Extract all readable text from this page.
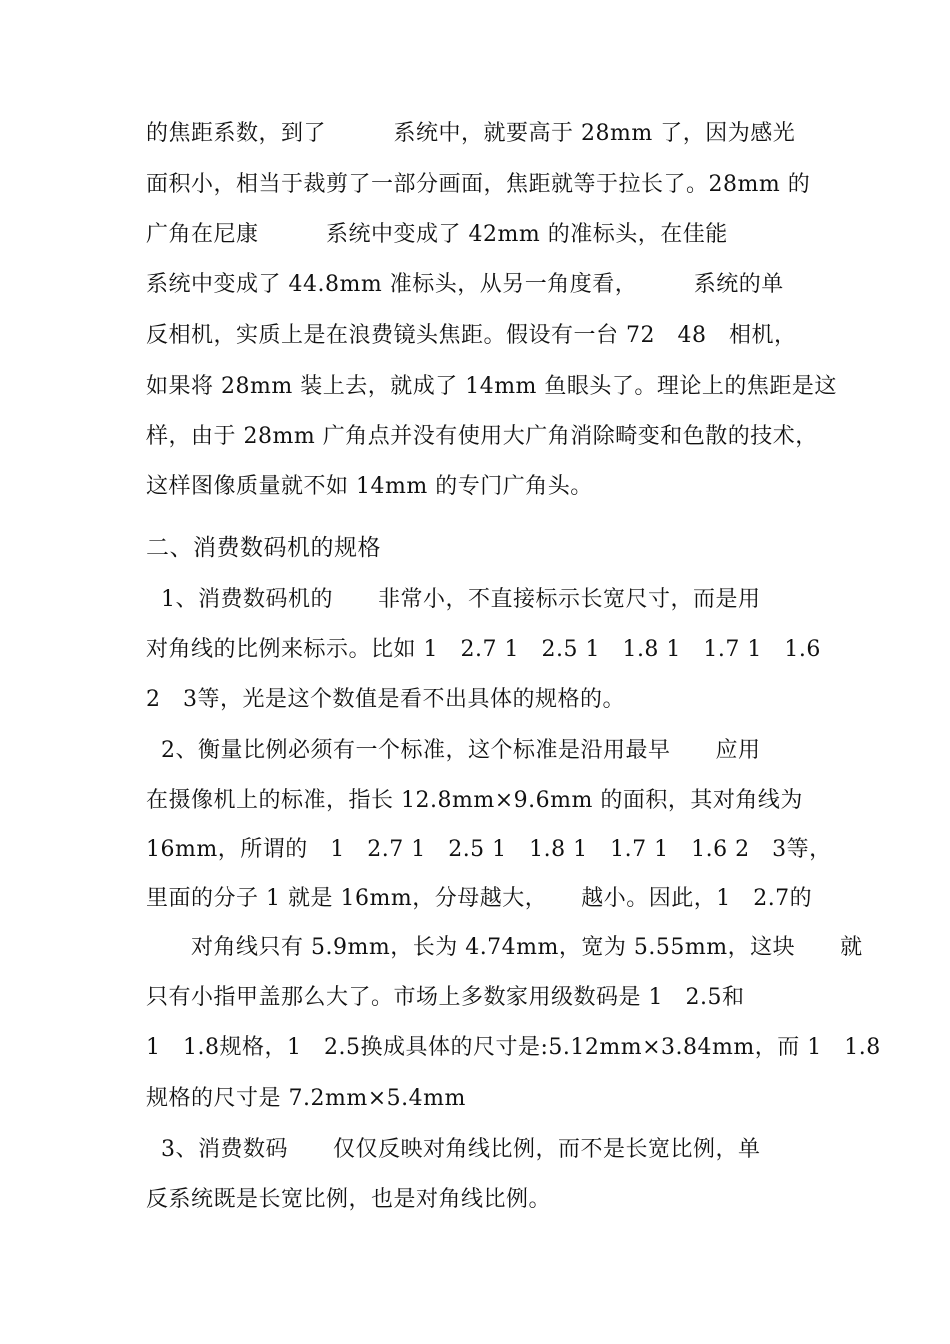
的焦距系数，到了　　　系统中，就要高于 28mm 了，因为感光
面积小，相当于裁剪了一部分画面，焦距就等于拉长了。28mm 的
广角在尼康　　　系统中变成了 42mm 的准标头，在佳能
系统中变成了 44.8mm 准标头，从另一角度看，　　　系统的单
反相机，实质上是在浪费镜头焦距。假设有一台 72　48　相机，
如果将 28mm 装上去，就成了 14mm 鱼眼头了。理论上的焦距是这
样，由于 28mm 广角点并没有使用大广角消除畸变和色散的技术，
这样图像质量就不如 14mm 的专门广角头。
二、消费数码机的规格
1、消费数码机的　　非常小，不直接标示长宽尺寸，而是用
对角线的比例来标示。比如 1　2.7 1　2.5 1　1.8 1　1.7 1　1.6
2　3等，光是这个数值是看不出具体的规格的。
2、衡量比例必须有一个标准，这个标准是沿用最早　　应用
在摄像机上的标准，指长 12.8mm×9.6mm 的面积，其对角线为
16mm，所谓的　1　2.7 1　2.5 1　1.8 1　1.7 1　1.6 2　3等，
里面的分子 1 就是 16mm，分母越大，　　越小。因此，1　2.7的
　　对角线只有 5.9mm，长为 4.74mm，宽为 5.55mm，这块　　就
只有小指甲盖那么大了。市场上多数家用级数码是 1　2.5和
1　1.8规格，1　2.5换成具体的尺寸是:5.12mm×3.84mm，而 1　1.8
规格的尺寸是 7.2mm×5.4mm
3、消费数码　　仅仅反映对角线比例，而不是长宽比例，单
反系统既是长宽比例，也是对角线比例。
